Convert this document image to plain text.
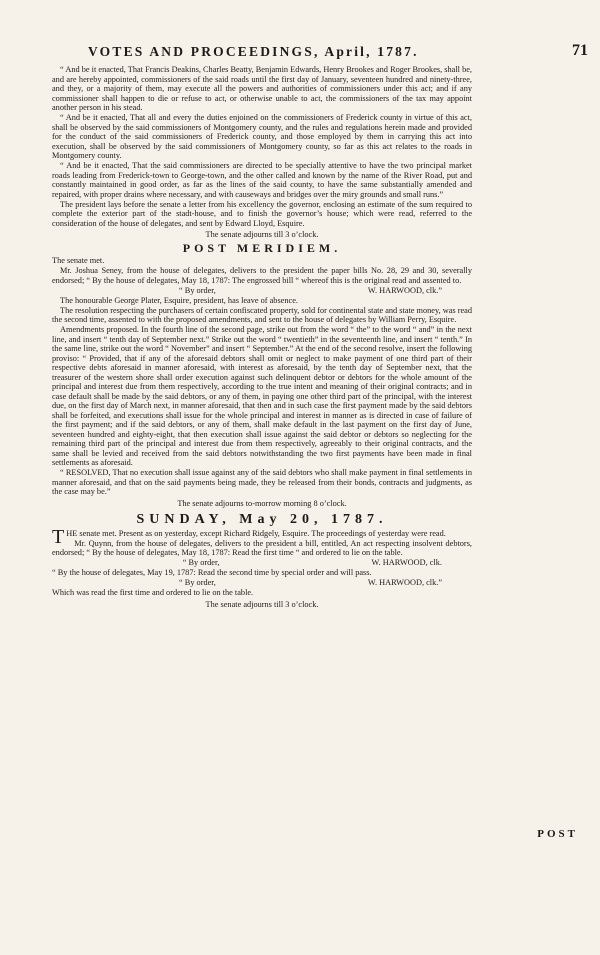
VOTES AND PROCEEDINGS, April, 1787.	71

“ And be it enacted, That Francis Deakins, Charles Beatty, Benjamin Edwards, Henry Brookes and Roger Brookes, shall be, and are hereby appointed, commissioners of the said roads until the first day of January, seventeen hundred and ninety-three, and they, or a majority of them, may execute all the powers and authorities of commissioners under this act; and if any commissioner shall happen to die or refuse to act, or otherwise unable to act, the commissioners of the tax may appoint another person in his stead.

“ And be it enacted, That all and every the duties enjoined on the commissioners of Frederick county in virtue of this act, shall be observed by the said commissioners of Montgomery county, and the rules and regulations herein made and provided for the conduct of the said commissioners of Frederick county, and those employed by them in carrying this act into execution, shall be observed by the said commissioners of Montgomery county, so far as this act relates to the roads in Montgomery county.

“ And be it enacted, That the said commissioners are directed to be specially attentive to have the two principal market roads leading from Frederick-town to George-town, and the other called and known by the name of the River Road, put and constantly maintained in good order, as far as the lines of the said county, to have the same substantially amended and repaired, with proper drains where necessary, and with causeways and bridges over the miry grounds and small runs.”

The president lays before the senate a letter from his excellency the governor, enclosing an estimate of the sum required to complete the exterior part of the stadt-house, and to finish the governor’s house; which were read, referred to the consideration of the house of delegates, and sent by Edward Lloyd, Esquire.

The senate adjourns till 3 o’clock.

POST MERIDIEM.

The senate met.

Mr. Joshua Seney, from the house of delegates, delivers to the president the paper bills No. 28, 29 and 30, severally endorsed; “ By the house of delegates, May 18, 1787: The engrossed bill “ whereof this is the original read and assented to.

“ By order,	W. HARWOOD, clk.”

The honourable George Plater, Esquire, president, has leave of absence.

The resolution respecting the purchasers of certain confiscated property, sold for continental state and state money, was read the second time, assented to with the proposed amendments, and sent to the house of delegates by William Perry, Esquire.

Amendments proposed. In the fourth line of the second page, strike out from the word “ the” to the word “ and” in the next line, and insert “ tenth day of September next.” Strike out the word “ twentieth” in the seventeenth line, and insert “ tenth.” In the same line, strike out the word “ November” and insert “ September.” At the end of the second resolve, insert the following proviso: “ Provided, that if any of the aforesaid debtors shall omit or neglect to make payment of one third part of their respective debts aforesaid in manner aforesaid, with interest as aforesaid, by the tenth day of September next, that the treasurer of the western shore shall order execution against such delinquent debtor or debtors for the whole amount of the principal and interest due from them respectively, according to the true intent and meaning of their original contracts; and in case default shall be made by the said debtors, or any of them, in paying one other third part of the principal, with the interest due, on the first day of March next, in manner aforesaid, that then and in such case the first payment made by the said debtors shall be forfeited, and executions shall issue for the whole principal and interest in manner as is directed in case of failure of the first payment; and if the said debtors, or any of them, shall make default in the last payment on the first day of June, seventeen hundred and eighty-eight, that then execution shall issue against the said debtor or debtors so neglecting for the remaining third part of the principal and interest due from them respectively, agreeably to their original contracts, and the same shall be levied and received from the said debtors notwithstanding the two first payments have been made in final settlements as aforesaid.

“ RESOLVED, That no execution shall issue against any of the said debtors who shall make payment in final settlements in manner aforesaid, and that on the said payments being made, they be released from their bonds, contracts and judgments, as the case may be.”

The senate adjourns to-morrow morning 8 o’clock.

SUNDAY, May 20, 1787.

THE senate met. Present as on yesterday, except Richard Ridgely, Esquire. The proceedings of yesterday were read.

Mr. Quynn, from the house of delegates, delivers to the president a bill, entitled, An act respecting insolvent debtors, endorsed; “ By the house of delegates, May 18, 1787: Read the first time “ and ordered to lie on the table.

“ By order,	W. HARWOOD, clk.

“ By the house of delegates, May 19, 1787: Read the second time by special order and will pass.

“ By order,	W. HARWOOD, clk.”

Which was read the first time and ordered to lie on the table.

The senate adjourns till 3 o’clock.

POST
